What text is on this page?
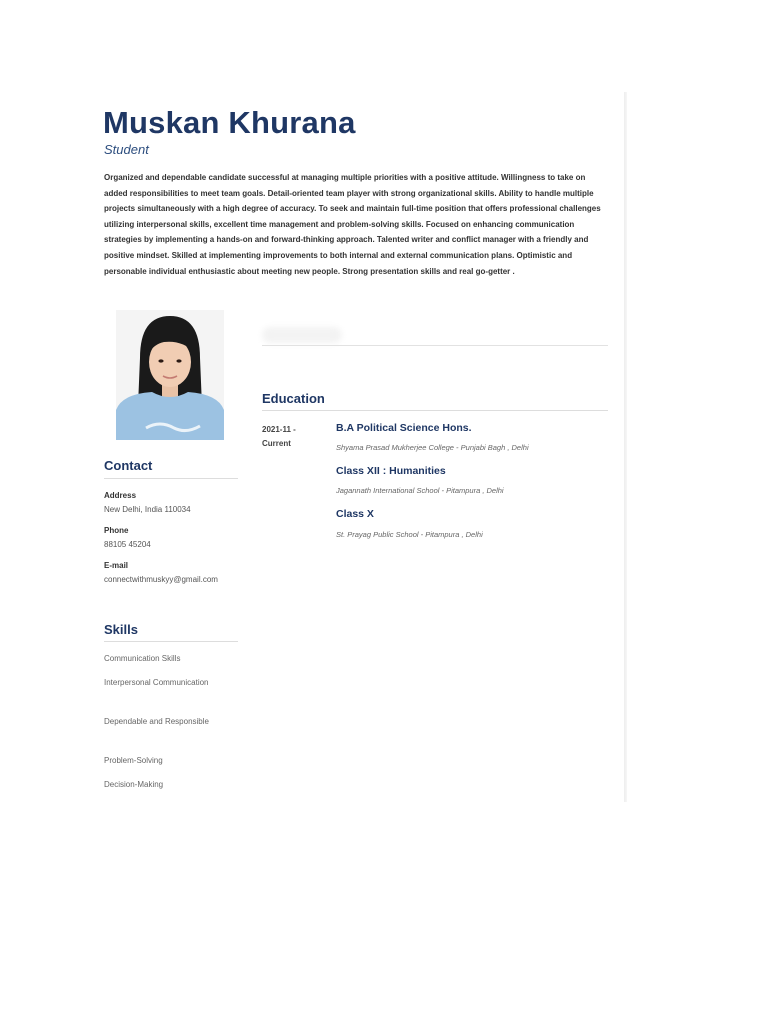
Muskan Khurana
Student

Organized and dependable candidate successful at managing multiple priorities with a positive attitude. Willingness to take on added responsibilities to meet team goals. Detail-oriented team player with strong organizational skills. Ability to handle multiple projects simultaneously with a high degree of accuracy. To seek and maintain full-time position that offers professional challenges utilizing interpersonal skills, excellent time management and problem-solving skills. Focused on enhancing communication strategies by implementing a hands-on and forward-thinking approach. Talented writer and conflict manager with a friendly and positive mindset. Skilled at implementing improvements to both internal and external communication plans. Optimistic and personable individual enthusiastic about meeting new people. Strong presentation skills and real go-getter .

Education
2021-11 - Current
B.A Political Science Hons.
Shyama Prasad Mukherjee College - Punjabi Bagh , Delhi
Class XII : Humanities
Jagannath International School - Pitampura , Delhi
Class X
St. Prayag Public School - Pitampura , Delhi
Contact
Address
New Delhi, India 110034
Phone
88105 45204
E-mail
connectwithmuskyy@gmail.com
Skills
Communication Skills
Interpersonal Communication
Dependable and Responsible
Problem-Solving
Decision-Making
